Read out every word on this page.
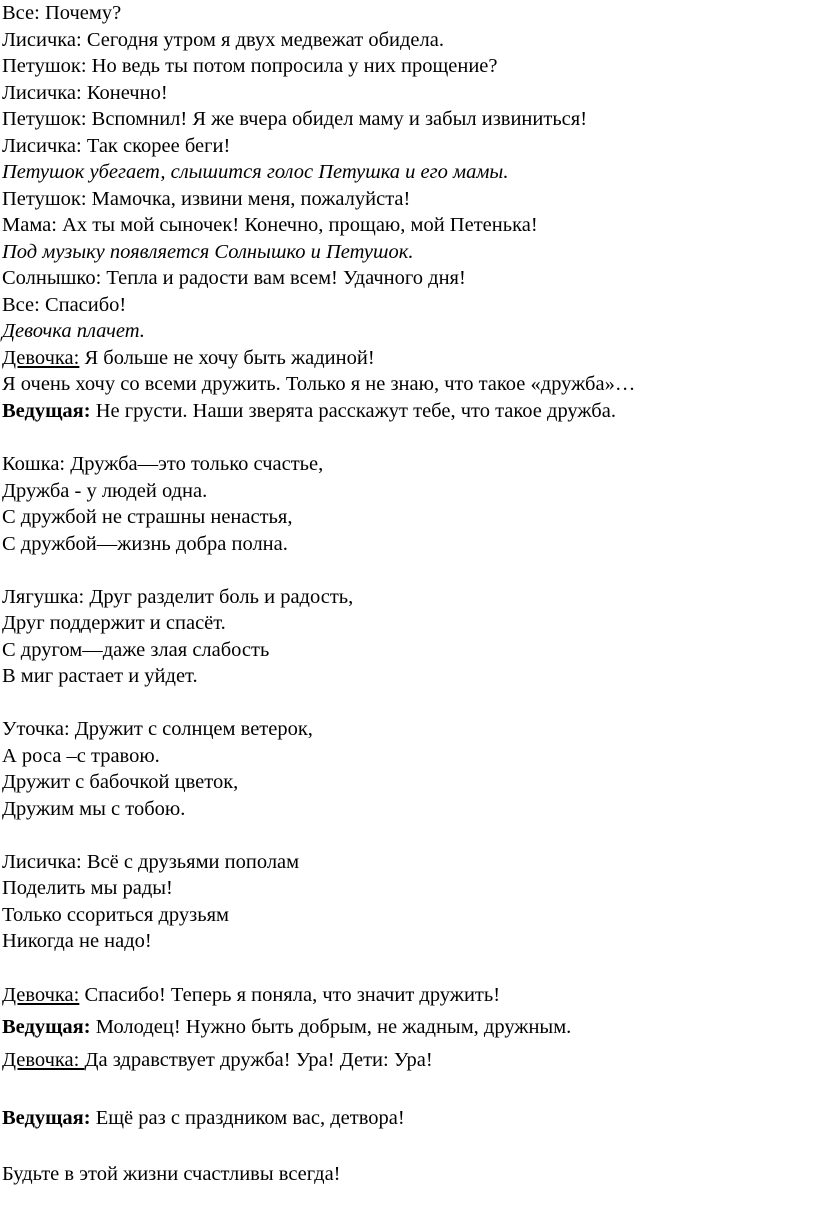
Все: Почему?
Лисичка: Сегодня утром я двух медвежат обидела.
Петушок: Но ведь ты потом попросила у них прощение?
Лисичка: Конечно!
Петушок: Вспомнил! Я же вчера обидел маму и забыл извиниться!
Лисичка: Так скорее беги!
Петушок убегает, слышится голос Петушка и его мамы.
Петушок: Мамочка, извини меня, пожалуйста!
Мама: Ах ты мой сыночек! Конечно, прощаю, мой Петенька!
Под музыку появляется Солнышко и Петушок.
Солнышко: Тепла и радости вам всем! Удачного дня!
Все: Спасибо!
Девочка плачет.
Девочка: Я больше не хочу быть жадиной!
Я очень хочу со всеми дружить. Только я не знаю, что такое «дружба»…
Ведущая: Не грусти. Наши зверята расскажут тебе, что такое дружба.
Кошка: Дружба—это только счастье,
Дружба - у людей одна.
С дружбой не страшны ненастья,
С дружбой—жизнь добра полна.
Лягушка: Друг разделит боль и радость,
Друг поддержит и спасёт.
С другом—даже злая слабость
В миг растает и уйдет.
Уточка: Дружит с солнцем ветерок,
А роса –с травою.
Дружит с бабочкой цветок,
Дружим мы с тобою.
Лисичка: Всё с друзьями пополам
Поделить мы рады!
Только ссориться друзьям
Никогда не надо!
Девочка: Спасибо! Теперь я поняла, что значит дружить!
Ведущая: Молодец! Нужно быть добрым, не жадным, дружным.
Девочка: Да здравствует дружба! Ура! Дети: Ура!
Ведущая: Ещё раз с праздником вас, детвора!
Будьте в этой жизни счастливы всегда!
